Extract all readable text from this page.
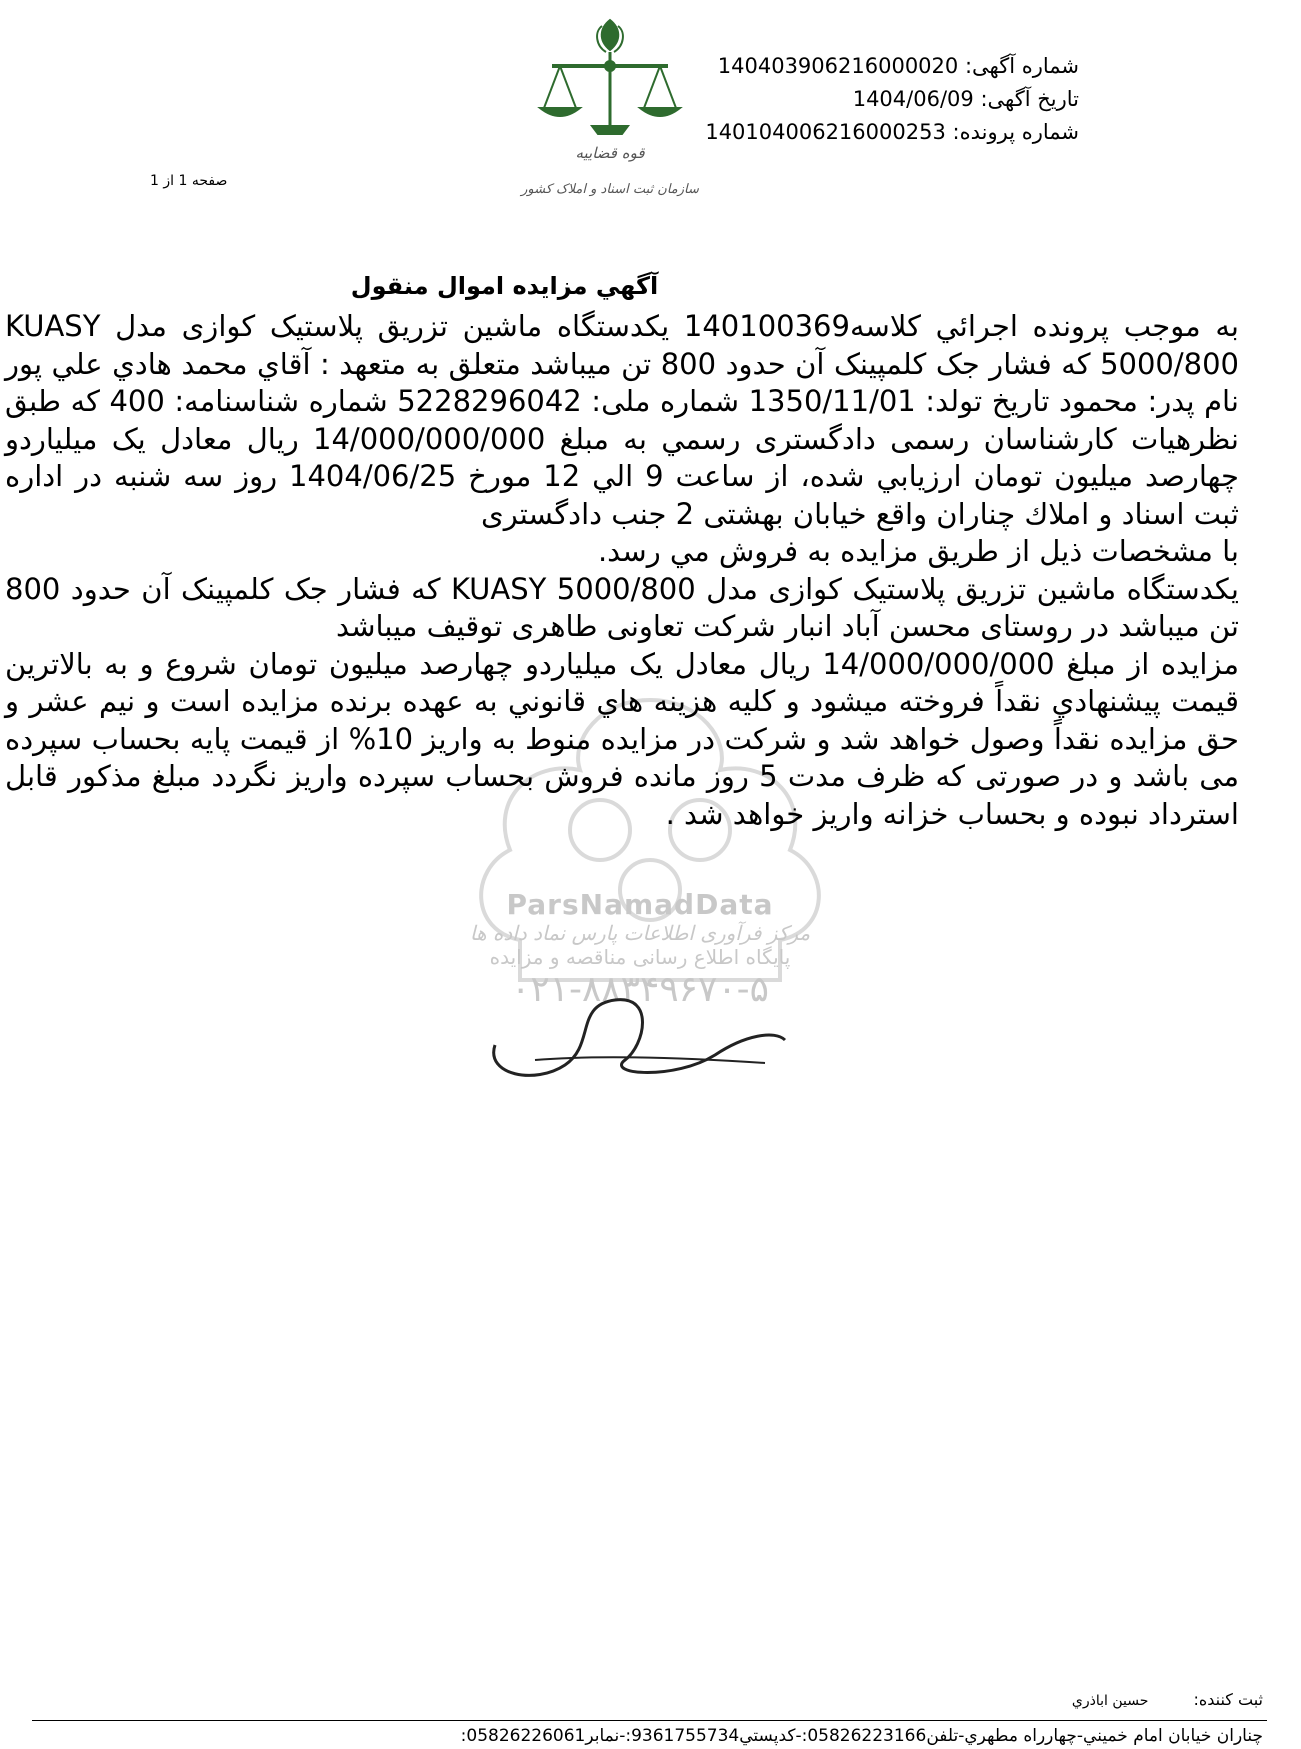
شماره آگهی: 140403906216000020
تاریخ آگهی: 1404/06/09
شماره پرونده: 140104006216000253
صفحه 1 از 1
قوه قضاییه
سازمان ثبت اسناد و املاک کشور
آگهي مزايده اموال منقول
ParsNamadData
مرکز فرآوری اطلاعات پارس نماد داده ها
پایگاه اطلاع رسانی مناقصه و مزایده
۰۲۱-۸۸۳۴۹۶۷۰-۵

به موجب پرونده اجرائي كلاسه140100369 يكدستگاه ماشين تزريق پلاستيک کوازی مدل KUASY 5000/800 که فشار جک کلمپینک آن حدود 800 تن میباشد متعلق به متعهد : آقاي محمد هادي علي پور نام پدر: محمود تاريخ تولد: 1350/11/01 شماره ملی: 5228296042 شماره شناسنامه: 400 كه طبق نظرهيات كارشناسان رسمی دادگستری رسمي به مبلغ 14/000/000/000 ريال معادل یک میلیاردو چهارصد میلیون تومان ارزيابي شده، از ساعت 9 الي 12 مورخ 1404/06/25 روز سه شنبه در اداره ثبت اسناد و املاك چناران واقع خیابان بهشتی 2 جنب دادگستری

با مشخصات ذيل از طريق مزايده به فروش مي رسد.

یکدستگاه ماشين تزريق پلاستيک کوازی مدل KUASY 5000/800 که فشار جک کلمپینک آن حدود 800 تن میباشد در روستای محسن آباد انبار شرکت تعاونی طاهری توقیف میباشد

مزايده از مبلغ 14/000/000/000 ريال معادل یک میلیاردو چهارصد میلیون تومان شروع و به بالاترين قيمت پيشنهادي نقداً فروخته ميشود و كليه هزينه هاي قانوني به عهده برنده مزايده است و نيم عشر و حق مزايده نقداً وصول خواهد شد و شرکت در مزایده منوط به واریز 10% از قیمت پایه بحساب سپرده می باشد و در صورتی که ظرف مدت 5 روز مانده فروش بحساب سپرده واریز نگردد مبلغ مذکور قابل استرداد نبوده و بحساب خزانه واریز خواهد شد .

ثبت كننده: حسين اباذري
چناران خيابان امام خميني-چهارراه مطهري-تلفن05826223166:-كدپستي9361755734:-نمابر05826226061:
